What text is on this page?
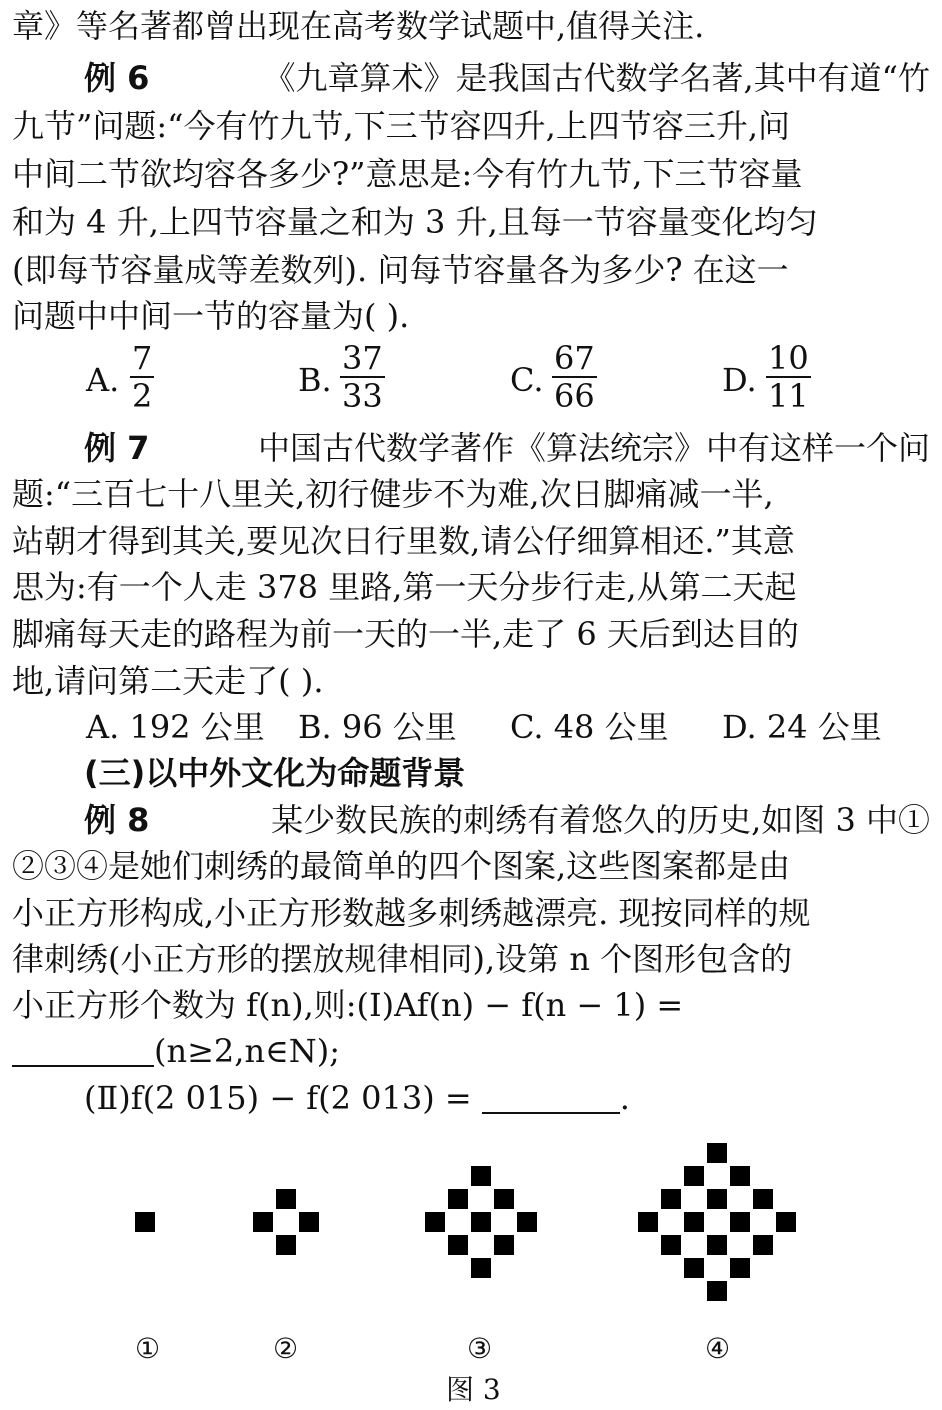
章》等名著都曾出现在高考数学试题中,值得关注.
例 6	《九章算术》是我国古代数学名著,其中有道“竹
九节”问题:“今有竹九节,下三节容四升,上四节容三升,问
中间二节欲均容各多少?”意思是:今有竹九节,下三节容量
和为 4 升,上四节容量之和为 3 升,且每一节容量变化均匀
(即每节容量成等差数列). 问每节容量各为多少? 在这一
问题中中间一节的容量为( ).
A. $\frac{7}{2}$	B. $\frac{37}{33}$	C. $\frac{67}{66}$	D. $\frac{10}{11}$
例 7	中国古代数学著作《算法统宗》中有这样一个问
题:“三百七十八里关,初行健步不为难,次日脚痛减一半,
站朝才得到其关,要见次日行里数,请公仔细算相还.”其意
思为:有一个人走 378 里路,第一天分步行走,从第二天起
脚痛每天走的路程为前一天的一半,走了 6 天后到达目的
地,请问第二天走了( ).
A. 192 公里 B. 96 公里 C. 48 公里 D. 24 公里
(三)以中外文化为命题背景
例 8	某少数民族的刺绣有着悠久的历史,如图 3 中①
②③④是她们刺绣的最简单的四个图案,这些图案都是由
小正方形构成,小正方形数越多刺绣越漂亮. 现按同样的规
律刺绣(小正方形的摆放规律相同),设第 n 个图形包含的
小正方形个数为 f(n),则:(Ⅰ)Af(n) − f(n − 1) =
(n≥2,n∈N);
(Ⅱ)f(2 015) − f(2 013) =	.
①	②	③	④
图 3
